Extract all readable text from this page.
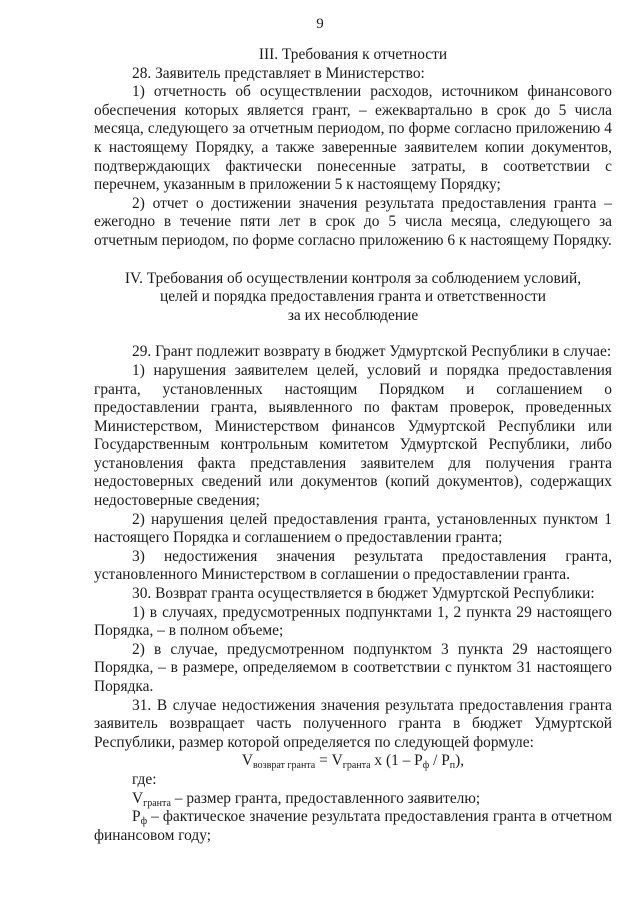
9

III. Требования к отчетности

28. Заявитель представляет в Министерство:

1) отчетность об осуществлении расходов, источником финансового обеспечения которых является грант, – ежеквартально в срок до 5 числа месяца, следующего за отчетным периодом, по форме согласно приложению 4 к настоящему Порядку, а также заверенные заявителем копии документов, подтверждающих фактически понесенные затраты, в соответствии с перечнем, указанным в приложении 5 к настоящему Порядку;

2) отчет о достижении значения результата предоставления гранта – ежегодно в течение пяти лет в срок до 5 числа месяца, следующего за отчетным периодом, по форме согласно приложению 6 к настоящему Порядку.

IV. Требования об осуществлении контроля за соблюдением условий,
целей и порядка предоставления гранта и ответственности
за их несоблюдение

29. Грант подлежит возврату в бюджет Удмуртской Республики в случае:

1) нарушения заявителем целей, условий и порядка предоставления гранта, установленных настоящим Порядком и соглашением о предоставлении гранта, выявленного по фактам проверок, проведенных Министерством, Министерством финансов Удмуртской Республики или Государственным контрольным комитетом Удмуртской Республики, либо установления факта представления заявителем для получения гранта недостоверных сведений или документов (копий документов), содержащих недостоверные сведения;

2) нарушения целей предоставления гранта, установленных пунктом 1 настоящего Порядка и соглашением о предоставлении гранта;

3) недостижения значения результата предоставления гранта, установленного Министерством в соглашении о предоставлении гранта.

30. Возврат гранта осуществляется в бюджет Удмуртской Республики:

1) в случаях, предусмотренных подпунктами 1, 2 пункта 29 настоящего Порядка, – в полном объеме;

2) в случае, предусмотренном подпунктом 3 пункта 29 настоящего Порядка, – в размере, определяемом в соответствии с пунктом 31 настоящего Порядка.

31. В случае недостижения значения результата предоставления гранта заявитель возвращает часть полученного гранта в бюджет Удмуртской Республики, размер которой определяется по следующей формуле:

$V_{возврат гранта} = V_{гранта}$ x $(1 - P_ф / P_п)$,

где:

$V_{гранта}$ – размер гранта, предоставленного заявителю;

$P_ф$ – фактическое значение результата предоставления гранта в отчетном финансовом году;
